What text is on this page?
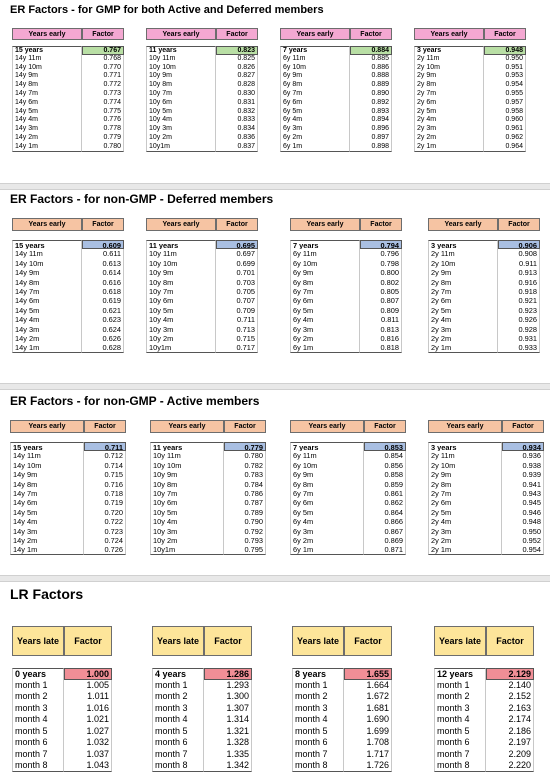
ER Factors - for GMP for both Active and Deferred members
Years early	Factor
15 years	0.767
14y 11m	0.768
14y 10m	0.770
14y 9m	0.771
14y 8m	0.772
14y 7m	0.773
14y 6m	0.774
14y 5m	0.775
14y 4m	0.776
14y 3m	0.778
14y 2m	0.779
14y 1m	0.780
Years early	Factor
11 years	0.823
10y 11m	0.825
10y 10m	0.826
10y 9m	0.827
10y 8m	0.828
10y 7m	0.830
10y 6m	0.831
10y 5m	0.832
10y 4m	0.833
10y 3m	0.834
10y 2m	0.836
10y1m	0.837
Years early	Factor
7 years	0.884
6y 11m	0.885
6y 10m	0.886
6y 9m	0.888
6y 8m	0.889
6y 7m	0.890
6y 6m	0.892
6y 5m	0.893
6y 4m	0.894
6y 3m	0.896
6y 2m	0.897
6y 1m	0.898
Years early	Factor
3 years	0.948
2y 11m	0.950
2y 10m	0.951
2y 9m	0.953
2y 8m	0.954
2y 7m	0.955
2y 6m	0.957
2y 5m	0.958
2y 4m	0.960
2y 3m	0.961
2y 2m	0.962
2y 1m	0.964
ER Factors - for non-GMP - Deferred members
Years early	Factor
15 years	0.609
14y 11m	0.611
14y 10m	0.613
14y 9m	0.614
14y 8m	0.616
14y 7m	0.618
14y 6m	0.619
14y 5m	0.621
14y 4m	0.623
14y 3m	0.624
14y 2m	0.626
14y 1m	0.628
Years early	Factor
11 years	0.695
10y 11m	0.697
10y 10m	0.699
10y 9m	0.701
10y 8m	0.703
10y 7m	0.705
10y 6m	0.707
10y 5m	0.709
10y 4m	0.711
10y 3m	0.713
10y 2m	0.715
10y1m	0.717
Years early	Factor
7 years	0.794
6y 11m	0.796
6y 10m	0.798
6y 9m	0.800
6y 8m	0.802
6y 7m	0.805
6y 6m	0.807
6y 5m	0.809
6y 4m	0.811
6y 3m	0.813
6y 2m	0.816
6y 1m	0.818
Years early	Factor
3 years	0.906
2y 11m	0.908
2y 10m	0.911
2y 9m	0.913
2y 8m	0.916
2y 7m	0.918
2y 6m	0.921
2y 5m	0.923
2y 4m	0.926
2y 3m	0.928
2y 2m	0.931
2y 1m	0.933
ER Factors - for non-GMP - Active members
Years early	Factor
15 years	0.711
14y 11m	0.712
14y 10m	0.714
14y 9m	0.715
14y 8m	0.716
14y 7m	0.718
14y 6m	0.719
14y 5m	0.720
14y 4m	0.722
14y 3m	0.723
14y 2m	0.724
14y 1m	0.726
Years early	Factor
11 years	0.779
10y 11m	0.780
10y 10m	0.782
10y 9m	0.783
10y 8m	0.784
10y 7m	0.786
10y 6m	0.787
10y 5m	0.789
10y 4m	0.790
10y 3m	0.792
10y 2m	0.793
10y1m	0.795
Years early	Factor
7 years	0.853
6y 11m	0.854
6y 10m	0.856
6y 9m	0.858
6y 8m	0.859
6y 7m	0.861
6y 6m	0.862
6y 5m	0.864
6y 4m	0.866
6y 3m	0.867
6y 2m	0.869
6y 1m	0.871
Years early	Factor
3 years	0.934
2y 11m	0.936
2y 10m	0.938
2y 9m	0.939
2y 8m	0.941
2y 7m	0.943
2y 6m	0.945
2y 5m	0.946
2y 4m	0.948
2y 3m	0.950
2y 2m	0.952
2y 1m	0.954
LR Factors
Years late	Factor
0 years	1.000
month 1	1.005
month 2	1.011
month 3	1.016
month 4	1.021
month 5	1.027
month 6	1.032
month 7	1.037
month 8	1.043
Years late	Factor
4 years	1.286
month 1	1.293
month 2	1.300
month 3	1.307
month 4	1.314
month 5	1.321
month 6	1.328
month 7	1.335
month 8	1.342
Years late	Factor
8 years	1.655
month 1	1.664
month 2	1.672
month 3	1.681
month 4	1.690
month 5	1.699
month 6	1.708
month 7	1.717
month 8	1.726
Years late	Factor
12 years	2.129
month 1	2.140
month 2	2.152
month 3	2.163
month 4	2.174
month 5	2.186
month 6	2.197
month 7	2.209
month 8	2.220
